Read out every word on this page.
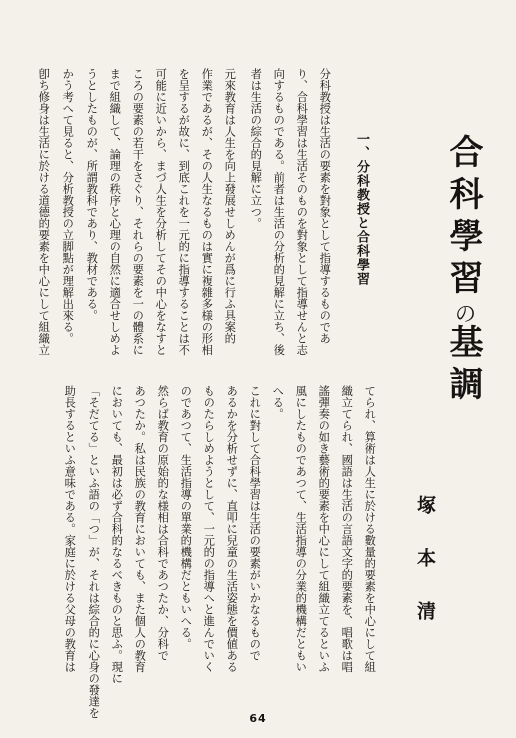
合科學習の基調
塚本清
一、分科教授と合科學習
分科教授は生活の要素を對象として指導するものであ
り、合科學習は生活そのものを對象として指導せんと志
向するものである。前者は生活の分析的見解に立ち、後
者は生活の綜合的見解に立つ。
元來教育は人生を向上發展せしめんが爲に行ふ具案的
作業であるが、その人生なるものは實に複雜多様の形相
を呈するが故に、到底これを一元的に指導することは不
可能に近いから、まづ人生を分析してその中心をなすと
ころの要素の若干をさぐり、それらの要素を一の體系に
まで組織して、論理の秩序と心理の自然に適合せしめよ
うとしたものが、所謂教科であり、教材である。
かう考へて見ると、分析教授の立脚點が理解出來る。
卽ち修身は生活に於ける道德的要素を中心にして組織立
てられ、算術は人生に於ける數量的要素を中心にして組
織立てられ、國語は生活の言語文字的要素を、唱歌は唱
謠彈奏の如き藝術的要素を中心にして組織立てるといふ
風にしたものであつて、生活指導の分業的機構だともい
へる。
これに對して合科學習は生活の要素がいかなるもので
あるかを分析せずに、直叩に兒童の生活姿態を價値ある
ものたらしめようとして、一元的の指導へと進んでいく
のであつて、生活指導の單業的機構だともいへる。
然らば教育の原始的な様相は合科であつたか、分科で
あつたか。私は民族の教育においても、また個人の教育
においても、最初は必ず合科的なるべきものと思ふ。現に
「そだてる」といふ語の「つ」が、それは綜合的に心身の發達を
助長するといふ意味である。家庭に於ける父母の教育は
64
